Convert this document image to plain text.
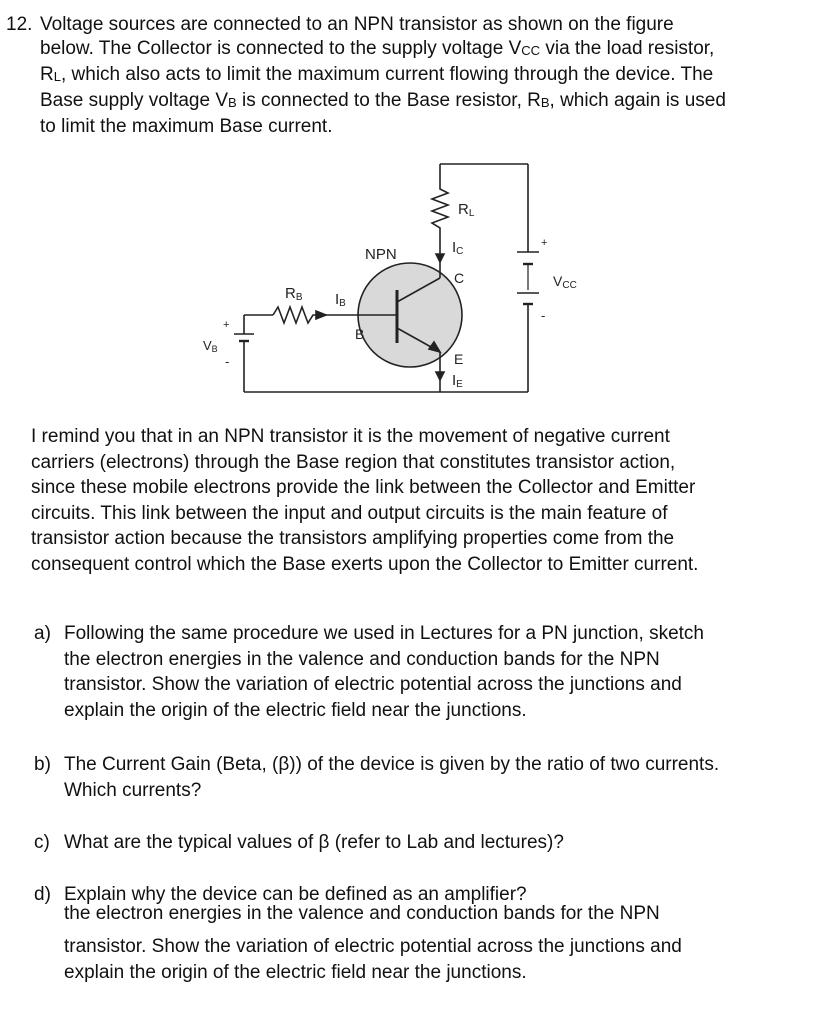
12. Voltage sources are connected to an NPN transistor as shown on the figure
below. The Collector is connected to the supply voltage VCC via the load resistor,
RL, which also acts to limit the maximum current flowing through the device. The
Base supply voltage VB is connected to the Base resistor, RB, which again is used
to limit the maximum Base current.
RL
NPN	IC
C	VCC
+
-
RB IB
B
VB
+
-	E
IE
I remind you that in an NPN transistor it is the movement of negative current
carriers (electrons) through the Base region that constitutes transistor action,
since these mobile electrons provide the link between the Collector and Emitter
circuits. This link between the input and output circuits is the main feature of
transistor action because the transistors amplifying properties come from the
consequent control which the Base exerts upon the Collector to Emitter current.
a) Following the same procedure we used in Lectures for a PN junction, sketch
the electron energies in the valence and conduction bands for the NPN
transistor. Show the variation of electric potential across the junctions and
explain the origin of the electric field near the junctions.
b) The Current Gain (Beta, (β)) of the device is given by the ratio of two currents.
Which currents?
c) What are the typical values of β (refer to Lab and lectures)?
d) Explain why the device can be defined as an amplifier?
the electron energies in the valence and conduction bands for the NPN
transistor. Show the variation of electric potential across the junctions and
explain the origin of the electric field near the junctions.
